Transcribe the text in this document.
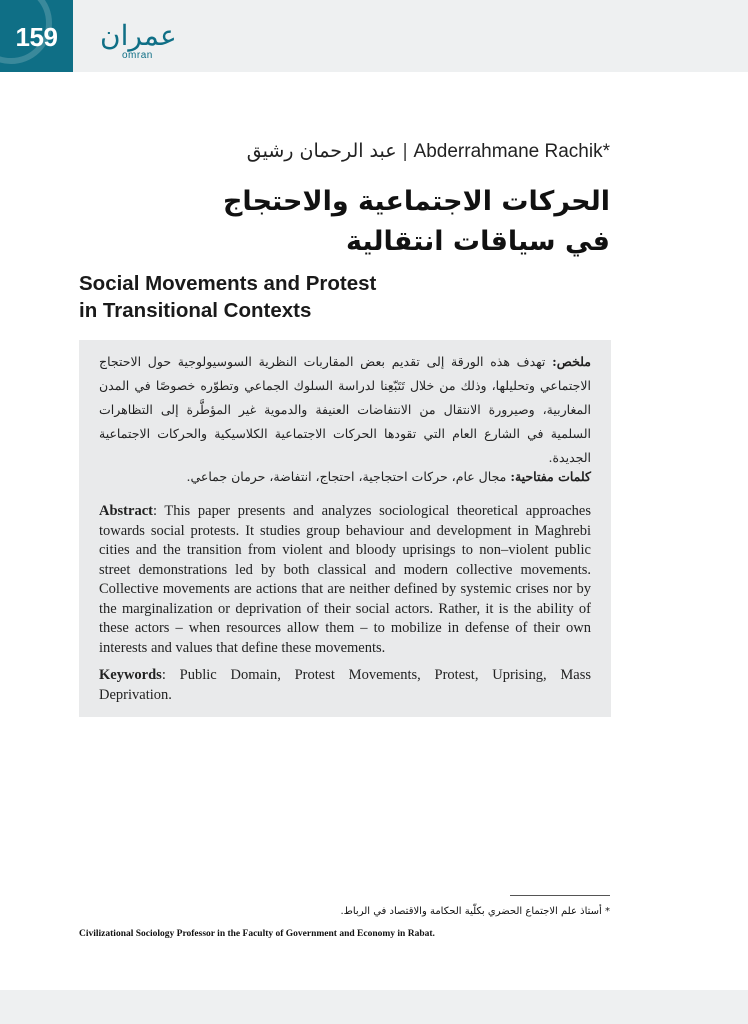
159	عمران
omran
عبد الرحمان رشيق | Abderrahmane Rachik*
الحركات الاجتماعية والاحتجاج
في سياقات انتقالية
Social Movements and Protest
in Transitional Contexts
ملخص: تهدف هذه الورقة إلى تقديم بعض المقاربات النظرية السوسيولوجية حول الاحتجاج الاجتماعي وتحليلها، وذلك من خلال تَتَبّعِنا لدراسة السلوك الجماعي وتطوّره خصوصًا في المدن المغاربية، وصيرورة الانتقال من الانتفاضات العنيفة والدموية غير المؤطَّرة إلى التظاهرات السلمية في الشارع العام التي تقودها الحركات الاجتماعية الكلاسيكية والحركات الاجتماعية الجديدة.
كلمات مفتاحية: مجال عام، حركات احتجاجية، احتجاج، انتفاضة، حرمان جماعي.
Abstract: This paper presents and analyzes sociological theoretical approaches towards social protests. It studies group behaviour and development in Maghrebi cities and the transition from violent and bloody uprisings to non–violent public street demonstrations led by both classical and modern collective movements. Collective movements are actions that are neither defined by systemic crises nor by the marginalization or deprivation of their social actors. Rather, it is the ability of these actors – when resources allow them – to mobilize in defense of their own interests and values that define these movements.
Keywords: Public Domain, Protest Movements, Protest, Uprising, Mass Deprivation.
* أستاذ علم الاجتماع الحضري بكلّية الحكامة والاقتصاد في الرباط.
Civilizational Sociology Professor in the Faculty of Government and Economy in Rabat.
